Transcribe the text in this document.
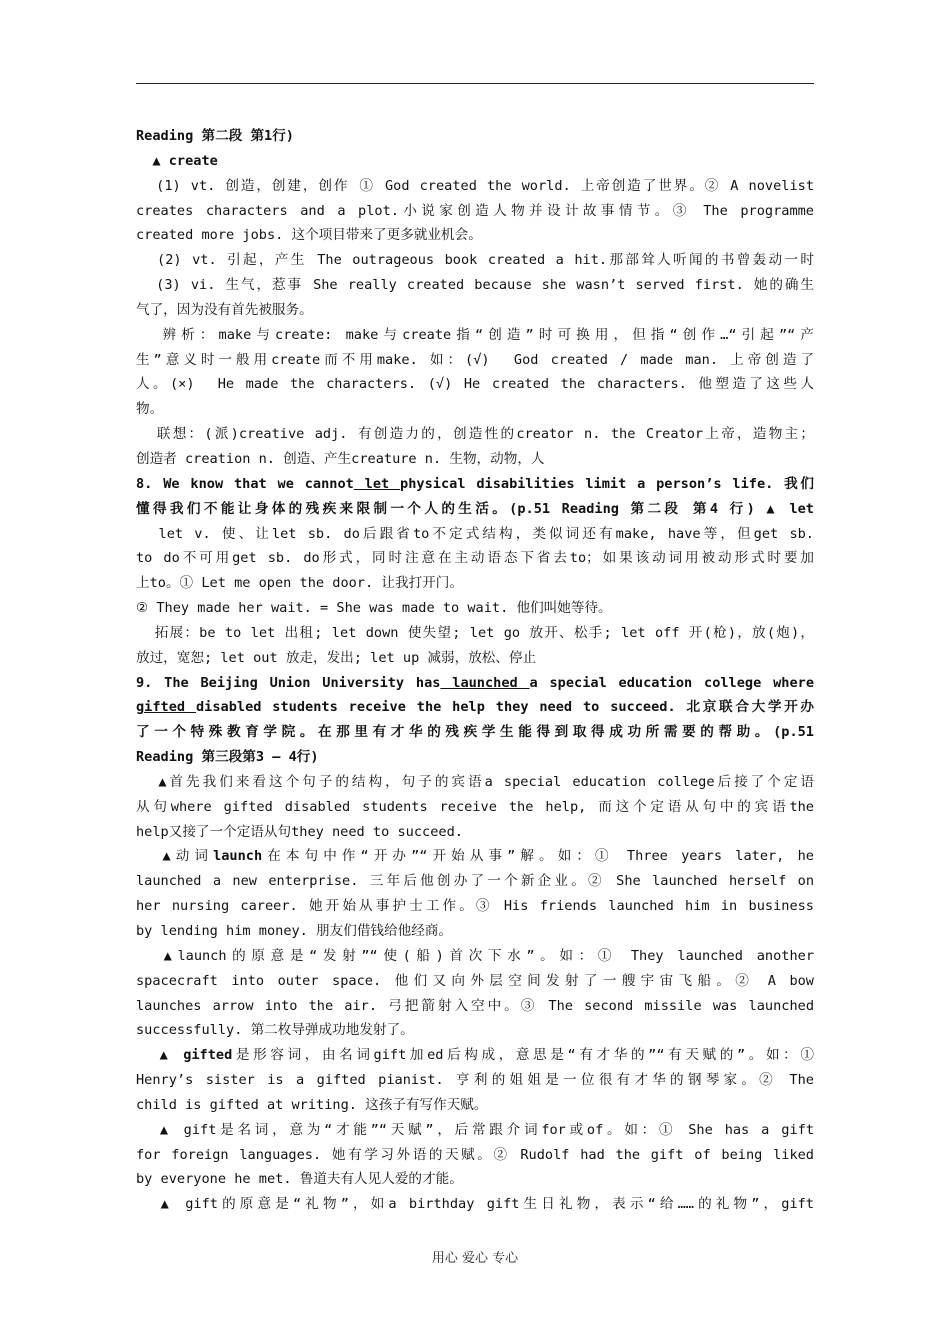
Reading 第二段 第1行)
▲ create
(1) vt. 创造，创建，创作 ① God created the world. 上帝创造了世界。② A novelist
creates characters and a plot.小说家创造人物并设计故事情节。③ The programme
created more jobs. 这个项目带来了更多就业机会。
(2) vt. 引起，产生 The outrageous book created a hit.那部耸人听闻的书曾轰动一时
(3) vi. 生气，惹事 She really created because she wasn’t served first. 她的确生
气了，因为没有首先被服务。
辨析：make与create: make与create指“创造”时可换用，但指“创作…“引起”“产
生”意义时一般用create而不用make. 如：(√)  God created / made man. 上帝创造了
人。(×)  He made the characters. (√) He created the characters. 他塑造了这些人
物。
联想：(派)creative adj. 有创造力的，创造性的creator n. the Creator上帝，造物主；
创造者 creation n. 创造、产生creature n. 生物，动物，人
8. We know that we cannot let physical disabilities limit a person’s life. 我们
懂得我们不能让身体的残疾来限制一个人的生活。(p.51 Reading 第二段 第4 行) ▲ let
let v. 使、让let sb. do后跟省to不定式结构，类似词还有make, have等，但get sb.
to do不可用get sb. do形式，同时注意在主动语态下省去to；如果该动词用被动形式时要加
上to。① Let me open the door. 让我打开门。
② They made her wait. = She was made to wait. 他们叫她等待。
拓展：be to let 出租; let down 使失望; let go 放开、松手; let off 开(枪)，放(炮)，
放过，宽恕; let out 放走，发出; let up 减弱，放松、停止
9. The Beijing Union University has launched a special education college where
gifted disabled students receive the help they need to succeed. 北京联合大学开办
了一个特殊教育学院。在那里有才华的残疾学生能得到取得成功所需要的帮助。(p.51
Reading 第三段第3 – 4行)
▲首先我们来看这个句子的结构，句子的宾语a special education college后接了个定语
从句where gifted disabled students receive the help, 而这个定语从句中的宾语the
help又接了一个定语从句they need to succeed.
▲动词launch在本句中作“开办”“开始从事”解。如：① Three years later, he
launched a new enterprise. 三年后他创办了一个新企业。② She launched herself on
her nursing career. 她开始从事护士工作。③ His friends launched him in business
by lending him money. 朋友们借钱给他经商。
▲launch的原意是“发射”“使(船)首次下水”。如：① They launched another
spacecraft into outer space. 他们又向外层空间发射了一艘宇宙飞船。② A bow
launches arrow into the air. 弓把箭射入空中。③ The second missile was launched
successfully. 第二枚导弹成功地发射了。
▲ gifted是形容词，由名词gift加ed后构成，意思是“有才华的”“有天赋的”。如：①
Henry’s sister is a gifted pianist. 亨利的姐姐是一位很有才华的钢琴家。② The
child is gifted at writing. 这孩子有写作天赋。
▲ gift是名词，意为“才能”“天赋”，后常跟介词for或of。如：① She has a gift
for foreign languages. 她有学习外语的天赋。② Rudolf had the gift of being liked
by everyone he met. 鲁道夫有人见人爱的才能。
▲ gift的原意是“礼物”，如a birthday gift生日礼物，表示“给……的礼物”，gift
用心 爱心 专心
